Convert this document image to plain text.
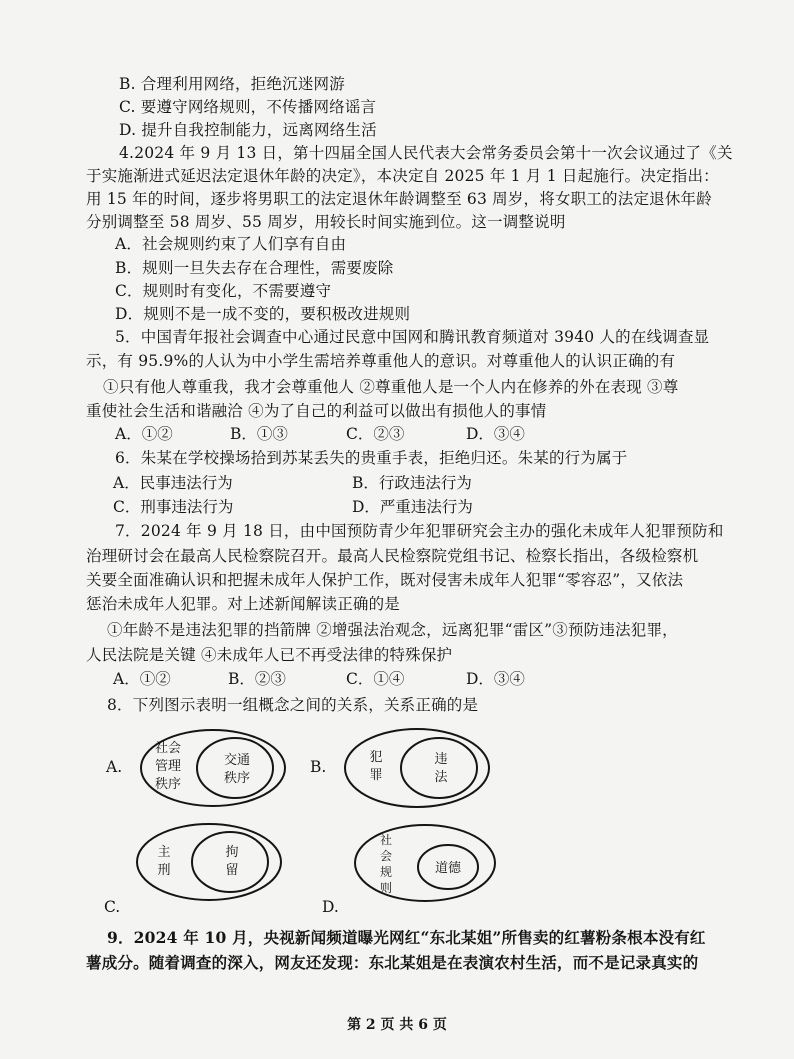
B. 合理利用网络，拒绝沉迷网游
C. 要遵守网络规则，不传播网络谣言
D. 提升自我控制能力，远离网络生活
4.2024 年 9 月 13 日，第十四届全国人民代表大会常务委员会第十一次会议通过了《关
于实施渐进式延迟法定退休年龄的决定》，本决定自 2025 年 1 月 1 日起施行。决定指出：
用 15 年的时间，逐步将男职工的法定退休年龄调整至 63 周岁，将女职工的法定退休年龄
分别调整至 58 周岁、55 周岁，用较长时间实施到位。这一调整说明
A．社会规则约束了人们享有自由
B．规则一旦失去存在合理性，需要废除
C．规则时有变化，不需要遵守
D．规则不是一成不变的，要积极改进规则
5．中国青年报社会调查中心通过民意中国网和腾讯教育频道对 3940 人的在线调查显
示，有 95.9%的人认为中小学生需培养尊重他人的意识。对尊重他人的认识正确的有
①只有他人尊重我，我才会尊重他人 ②尊重他人是一个人内在修养的外在表现 ③尊
重使社会生活和谐融洽 ④为了自己的利益可以做出有损他人的事情
A．①②	B．①③	C．②③	D．③④
6．朱某在学校操场拾到苏某丢失的贵重手表，拒绝归还。朱某的行为属于
A．民事违法行为	B．行政违法行为
C．刑事违法行为	D．严重违法行为
7．2024 年 9 月 18 日，由中国预防青少年犯罪研究会主办的强化未成年人犯罪预防和
治理研讨会在最高人民检察院召开。最高人民检察院党组书记、检察长指出，各级检察机
关要全面准确认识和把握未成年人保护工作，既对侵害未成年人犯罪“零容忍”，又依法
惩治未成年人犯罪。对上述新闻解读正确的是
①年龄不是违法犯罪的挡箭牌 ②增强法治观念，远离犯罪“雷区”③预防违法犯罪，
人民法院是关键 ④未成年人已不再受法律的特殊保护
A．①②	B．②③	C．①④	D．③④
8．下列图示表明一组概念之间的关系，关系正确的是
A.	B.
C.	D.
社会
管理
秩序
交通
秩序
犯
罪
违
法
主
刑
拘
留
社
会
规
则
道德
9．2024 年 10 月，央视新闻频道曝光网红“东北某姐”所售卖的红薯粉条根本没有红
薯成分。随着调查的深入，网友还发现：东北某姐是在表演农村生活，而不是记录真实的
第 2 页 共 6 页
